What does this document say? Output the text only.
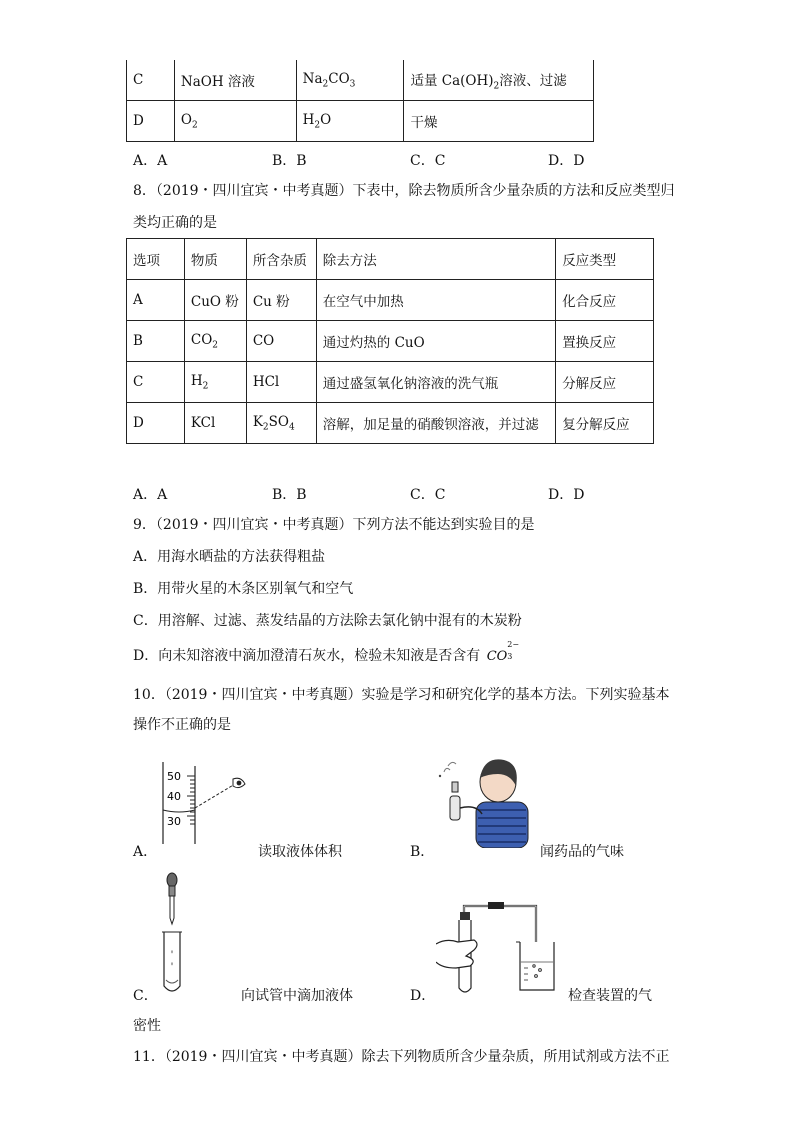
C	NaOH 溶液	$Na_2CO_3$	适量 $Ca(OH)_2$溶液、过滤
D	$O_2$	$H_2O$	干燥
A．A	B．B	C．C	D．D
8．（2019・四川宜宾・中考真题）下表中，除去物质所含少量杂质的方法和反应类型归
类均正确的是
选项	物质	所含杂质	除去方法	反应类型
A	CuO 粉	Cu 粉	在空气中加热	化合反应
B	$CO_2$	CO	通过灼热的 CuO	置换反应
C	$H_2$	HCl	通过盛氢氧化钠溶液的洗气瓶	分解反应
D	KCl	$K_2SO_4$	溶解，加足量的硝酸钡溶液，并过滤	复分解反应
A．A	B．B	C．C	D．D
9．（2019・四川宜宾・中考真题）下列方法不能达到实验目的是
A．用海水晒盐的方法获得粗盐
B．用带火星的木条区别氧气和空气
C．用溶解、过滤、蒸发结晶的方法除去氯化钠中混有的木炭粉
D．向未知溶液中滴加澄清石灰水，检验未知液是否含有 CO
2−
3
10．（2019・四川宜宾・中考真题）实验是学习和研究化学的基本方法。下列实验基本
操作不正确的是
50
40
30
A．	读取液体体积	B．	闻药品的气味
C．	向试管中滴加液体	D．	检查装置的气
密性
11．（2019・四川宜宾・中考真题）除去下列物质所含少量杂质，所用试剂或方法不正
